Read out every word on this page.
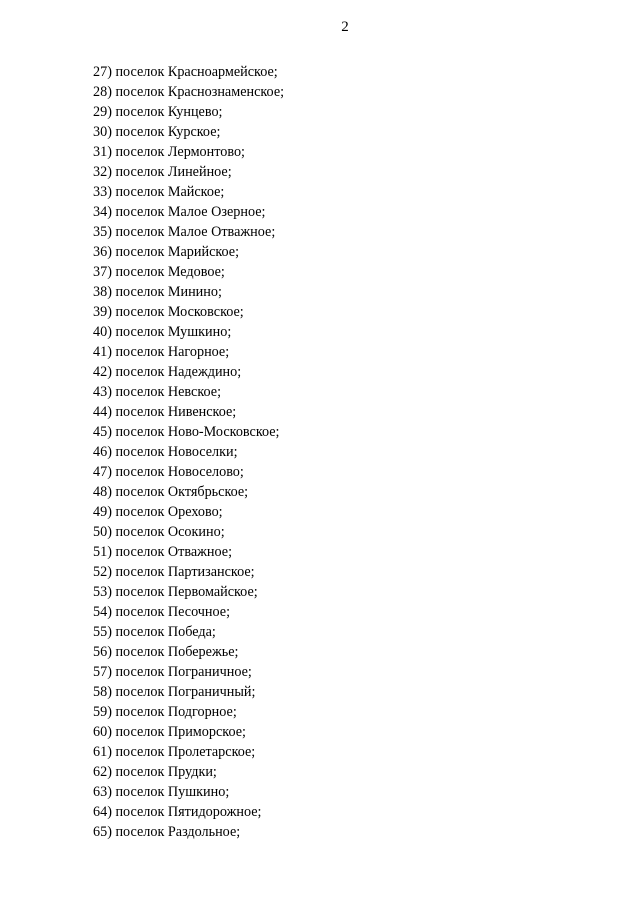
2
27) поселок Красноармейское;
28) поселок Краснознаменское;
29) поселок Кунцево;
30) поселок Курское;
31) поселок Лермонтово;
32) поселок Линейное;
33) поселок Майское;
34) поселок Малое Озерное;
35) поселок Малое Отважное;
36) поселок Марийское;
37) поселок Медовое;
38) поселок Минино;
39) поселок Московское;
40) поселок Мушкино;
41) поселок Нагорное;
42) поселок Надеждино;
43) поселок Невское;
44) поселок Нивенское;
45) поселок Ново-Московское;
46) поселок Новоселки;
47) поселок Новоселово;
48) поселок Октябрьское;
49) поселок Орехово;
50) поселок Осокино;
51) поселок Отважное;
52) поселок Партизанское;
53) поселок Первомайское;
54) поселок Песочное;
55) поселок Победа;
56) поселок Побережье;
57) поселок Пограничное;
58) поселок Пограничный;
59) поселок Подгорное;
60) поселок Приморское;
61) поселок Пролетарское;
62) поселок Прудки;
63) поселок Пушкино;
64) поселок Пятидорожное;
65) поселок Раздольное;
